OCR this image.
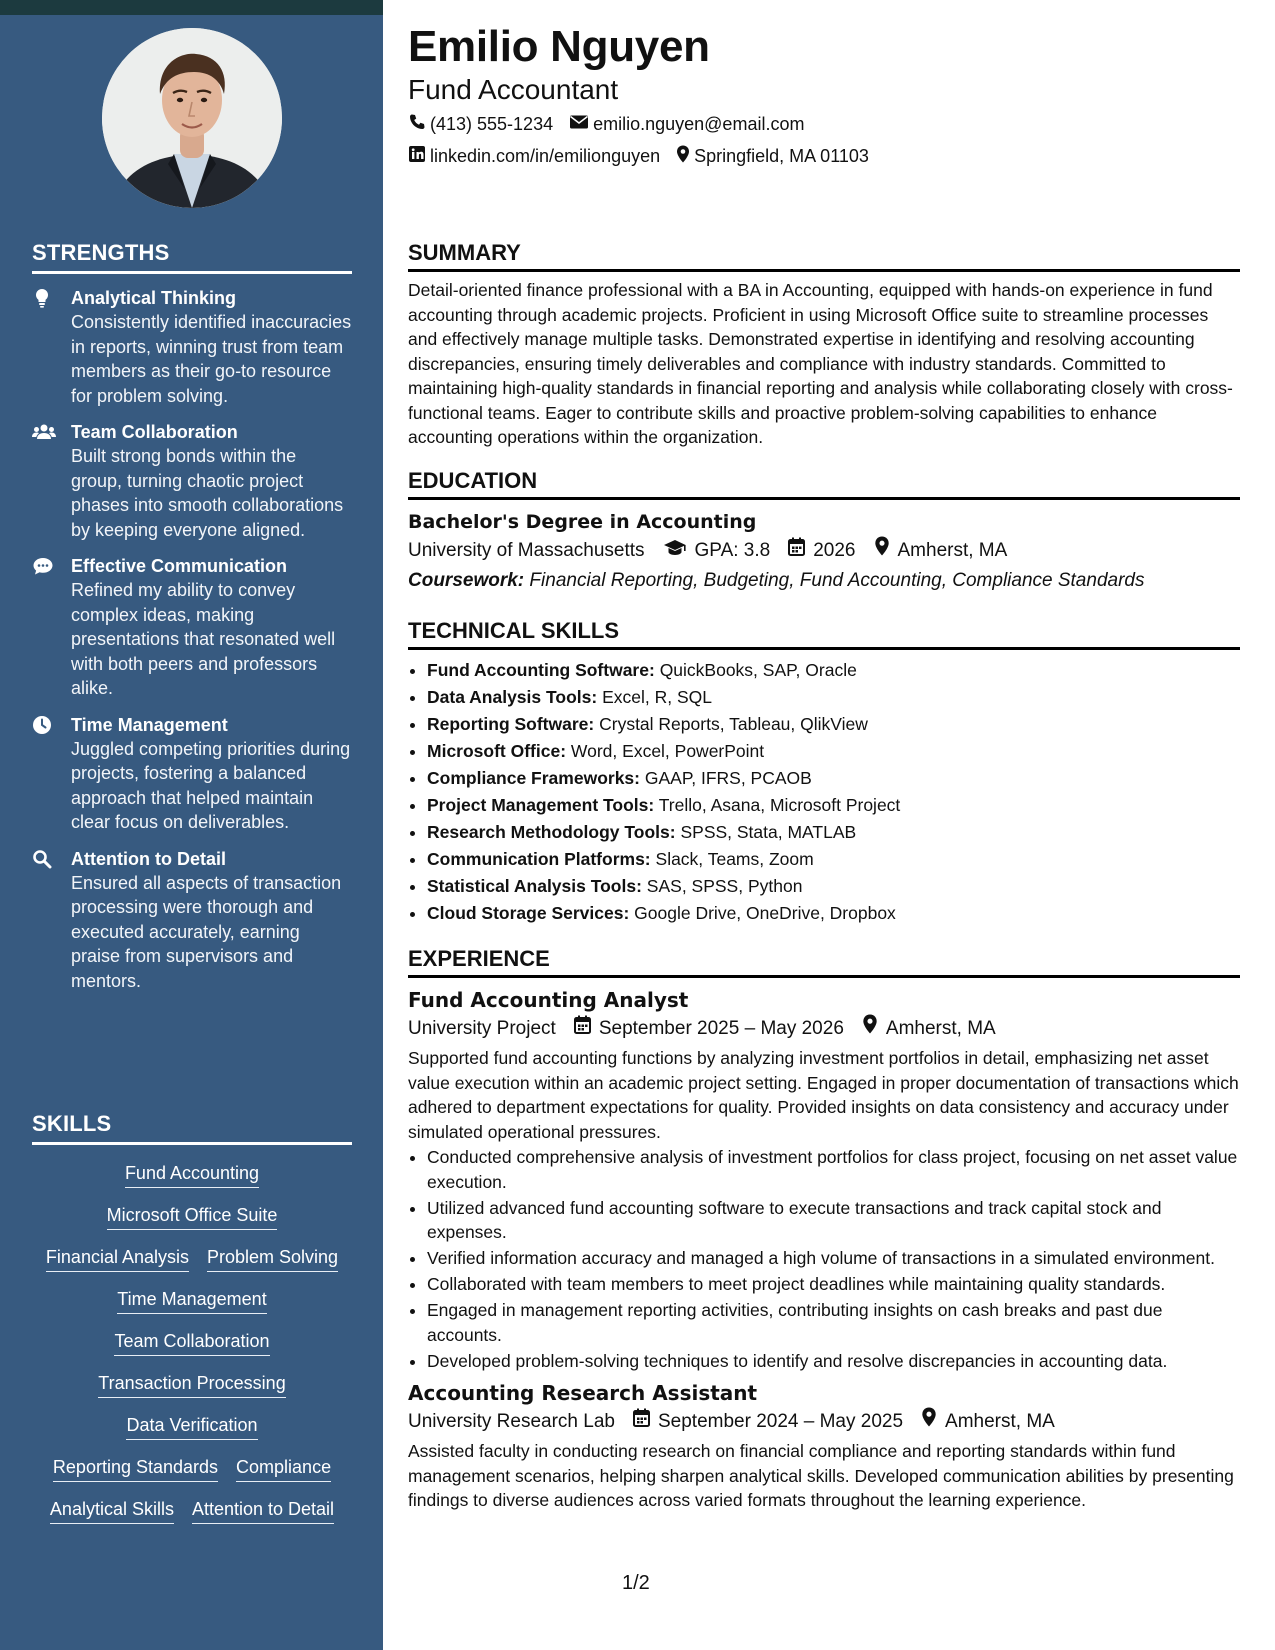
STRENGTHS
Analytical Thinking
Consistently identified inaccuracies in reports, winning trust from team members as their go-to resource for problem solving.
Team Collaboration
Built strong bonds within the group, turning chaotic project phases into smooth collaborations by keeping everyone aligned.
Effective Communication
Refined my ability to convey complex ideas, making presentations that resonated well with both peers and professors alike.
Time Management
Juggled competing priorities during projects, fostering a balanced approach that helped maintain clear focus on deliverables.
Attention to Detail
Ensured all aspects of transaction processing were thorough and executed accurately, earning praise from supervisors and mentors.
SKILLS
Fund Accounting
Microsoft Office Suite
Financial Analysis Problem Solving
Time Management
Team Collaboration
Transaction Processing
Data Verification
Reporting Standards Compliance
Analytical Skills Attention to Detail
Emilio Nguyen

Fund Accountant

(413) 555-1234 emilio.nguyen@email.com
linkedin.com/in/emilionguyen Springfield, MA 01103
SUMMARY

Detail-oriented finance professional with a BA in Accounting, equipped with hands-on experience in fund accounting through academic projects. Proficient in using Microsoft Office suite to streamline processes and effectively manage multiple tasks. Demonstrated expertise in identifying and resolving accounting discrepancies, ensuring timely deliverables and compliance with industry standards. Committed to maintaining high-quality standards in financial reporting and analysis while collaborating closely with cross-functional teams. Eager to contribute skills and proactive problem-solving capabilities to enhance accounting operations within the organization.

EDUCATION
Bachelor's Degree in Accounting
University of Massachusetts	GPA: 3.8 2026 Amherst, MA
Coursework: Financial Reporting, Budgeting, Fund Accounting, Compliance Standards
TECHNICAL SKILLS
• Fund Accounting Software: QuickBooks, SAP, Oracle
• Data Analysis Tools: Excel, R, SQL
• Reporting Software: Crystal Reports, Tableau, QlikView
• Microsoft Office: Word, Excel, PowerPoint
• Compliance Frameworks: GAAP, IFRS, PCAOB
• Project Management Tools: Trello, Asana, Microsoft Project
• Research Methodology Tools: SPSS, Stata, MATLAB
• Communication Platforms: Slack, Teams, Zoom
• Statistical Analysis Tools: SAS, SPSS, Python
• Cloud Storage Services: Google Drive, OneDrive, Dropbox
EXPERIENCE
Fund Accounting Analyst
University Project September 2025 – May 2026 Amherst, MA

Supported fund accounting functions by analyzing investment portfolios in detail, emphasizing net asset value execution within an academic project setting. Engaged in proper documentation of transactions which adhered to department expectations for quality. Provided insights on data consistency and accuracy under simulated operational pressures.

• Conducted comprehensive analysis of investment portfolios for class project, focusing on net asset value execution.
• Utilized advanced fund accounting software to execute transactions and track capital stock and expenses.
• Verified information accuracy and managed a high volume of transactions in a simulated environment.
• Collaborated with team members to meet project deadlines while maintaining quality standards.
• Engaged in management reporting activities, contributing insights on cash breaks and past due accounts.
• Developed problem-solving techniques to identify and resolve discrepancies in accounting data.
Accounting Research Assistant
University Research Lab September 2024 – May 2025 Amherst, MA

Assisted faculty in conducting research on financial compliance and reporting standards within fund management scenarios, helping sharpen analytical skills. Developed communication abilities by presenting findings to diverse audiences across varied formats throughout the learning experience.

1/2
